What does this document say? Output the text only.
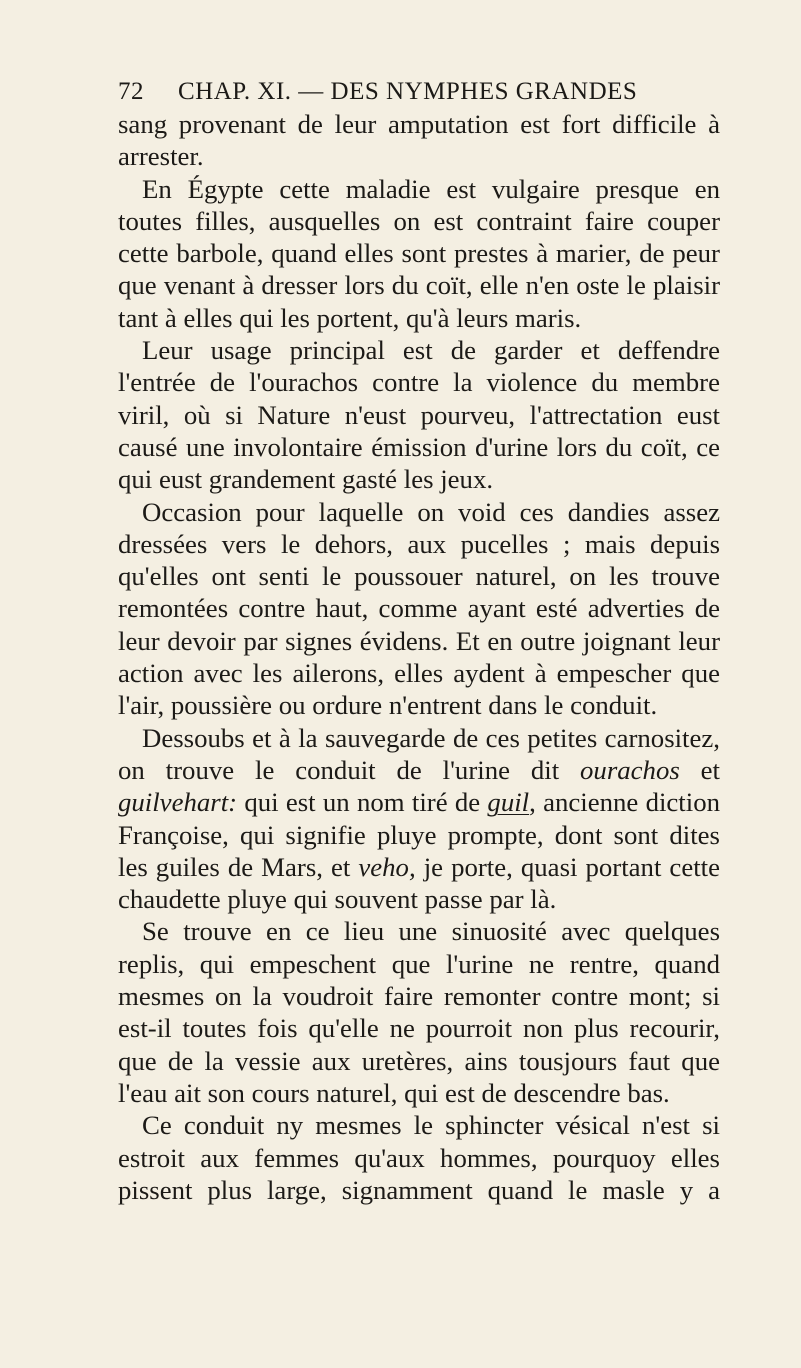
72 CHAP. XI. — DES NYMPHES GRANDES

sang provenant de leur amputation est fort difficile à arrester.

En Égypte cette maladie est vulgaire presque en toutes filles, ausquelles on est contraint faire couper cette barbole, quand elles sont prestes à marier, de peur que venant à dresser lors du coït, elle n'en oste le plaisir tant à elles qui les portent, qu'à leurs maris.

Leur usage principal est de garder et deffendre l'entrée de l'ourachos contre la violence du membre viril, où si Nature n'eust pourveu, l'attrectation eust causé une involontaire émission d'urine lors du coït, ce qui eust grandement gasté les jeux.

Occasion pour laquelle on void ces dandies assez dressées vers le dehors, aux pucelles ; mais depuis qu'elles ont senti le poussouer naturel, on les trouve remontées contre haut, comme ayant esté adverties de leur devoir par signes évidens. Et en outre joignant leur action avec les ailerons, elles aydent à empescher que l'air, poussière ou ordure n'entrent dans le conduit.

Dessoubs et à la sauvegarde de ces petites carnositez, on trouve le conduit de l'urine dit ourachos et guilvehart: qui est un nom tiré de guil, ancienne diction Françoise, qui signifie pluye prompte, dont sont dites les guiles de Mars, et veho, je porte, quasi portant cette chaudette pluye qui souvent passe par là.

Se trouve en ce lieu une sinuosité avec quelques replis, qui empeschent que l'urine ne rentre, quand mesmes on la voudroit faire remonter contre mont; si est-il toutes fois qu'elle ne pourroit non plus recourir, que de la vessie aux uretères, ains tousjours faut que l'eau ait son cours naturel, qui est de descendre bas.

Ce conduit ny mesmes le sphincter vésical n'est si estroit aux femmes qu'aux hommes, pourquoy elles pissent plus large, signamment quand le masle y a
